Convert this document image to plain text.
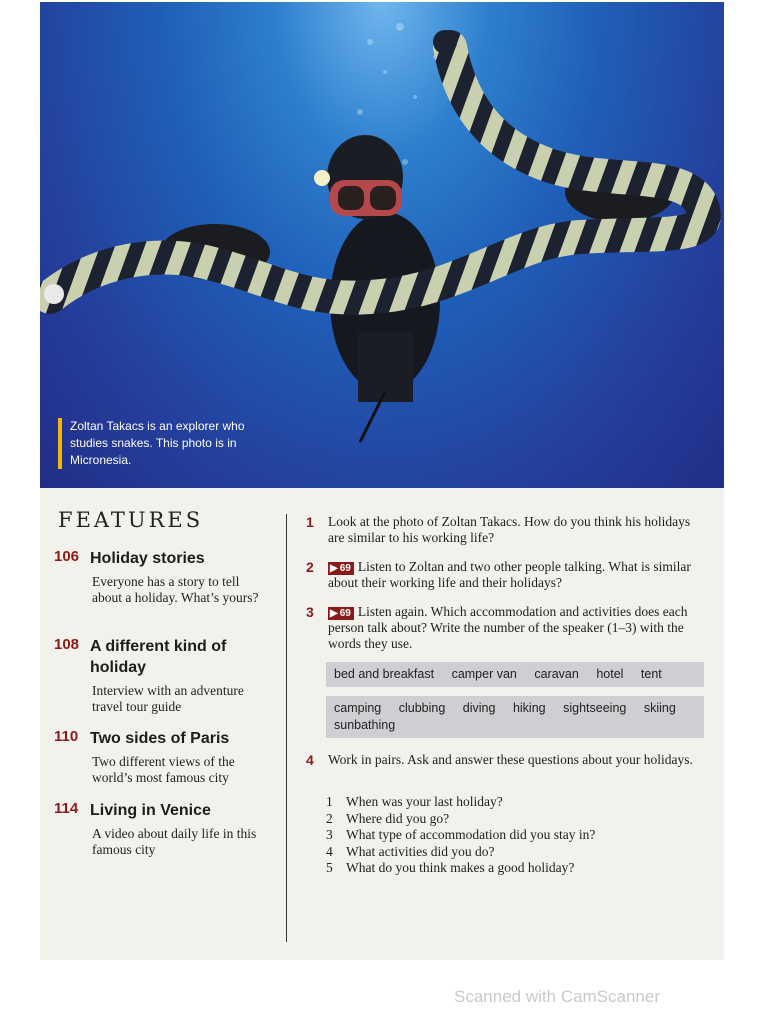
Zoltan Takacs is an explorer who studies snakes. This photo is in Micronesia.
FEATURES
106 Holiday stories
Everyone has a story to tell about a holiday. What’s yours?
108 A different kind of holiday
Interview with an adventure travel tour guide
110 Two sides of Paris
Two different views of the world’s most famous city
114 Living in Venice
A video about daily life in this famous city
1 Look at the photo of Zoltan Takacs. How do you think his holidays are similar to his working life?
2 ▶ 69 Listen to Zoltan and two other people talking. What is similar about their working life and their holidays?
3 ▶ 69 Listen again. Which accommodation and activities does each person talk about? Write the number of the speaker (1–3) with the words they use.
bed and breakfast camper van caravan hotel tent
camping clubbing diving hiking sightseeing skiing sunbathing
4 Work in pairs. Ask and answer these questions about your holidays.
1 When was your last holiday?
2 Where did you go?
3 What type of accommodation did you stay in?
4 What activities did you do?
5 What do you think makes a good holiday?
Scanned with CamScanner
